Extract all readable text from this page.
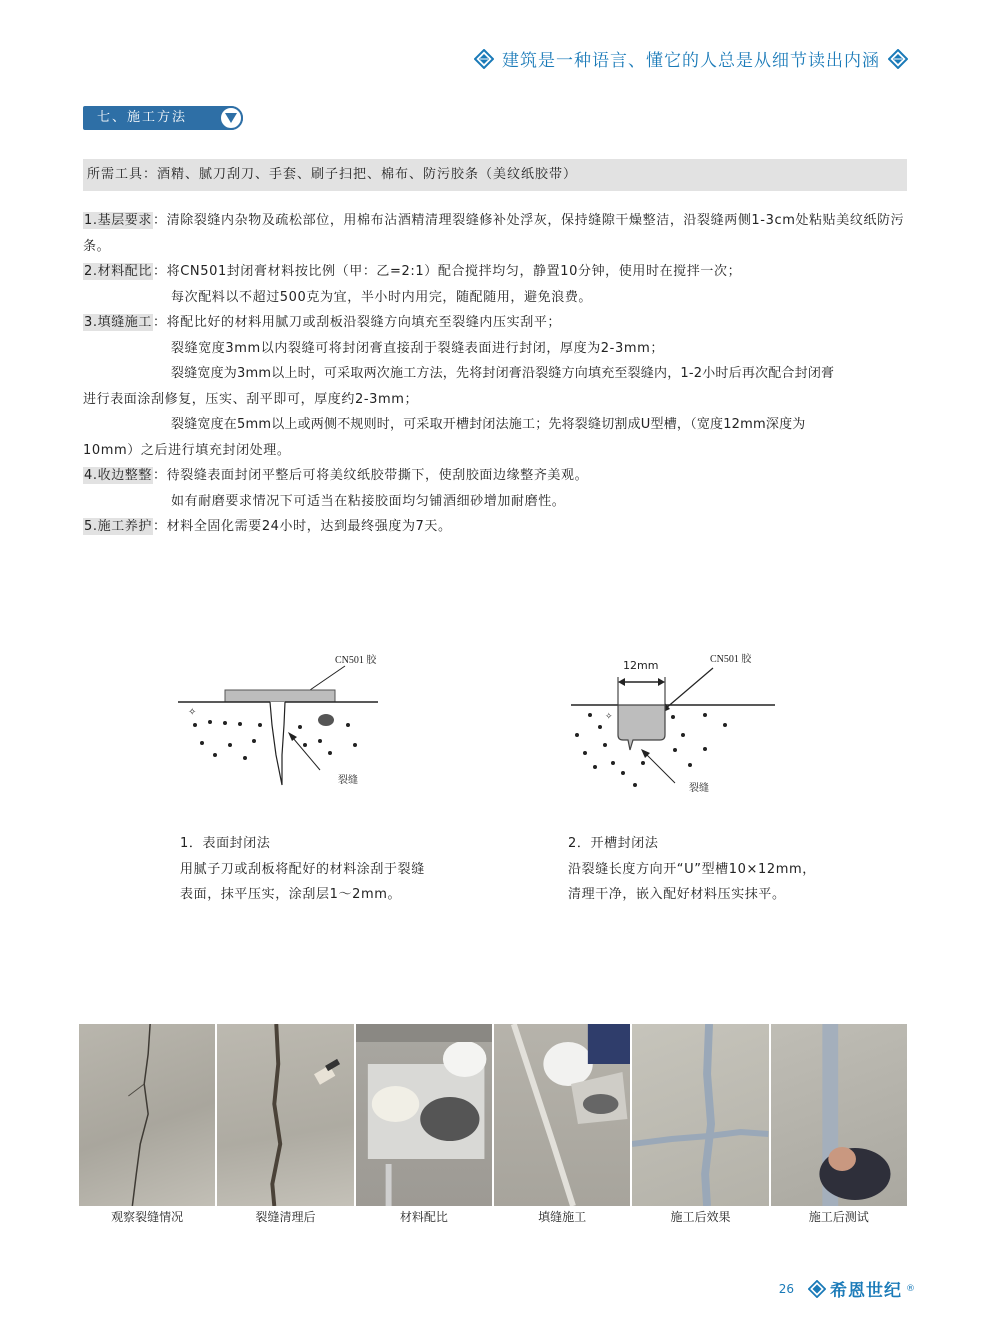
建筑是一种语言、懂它的人总是从细节读出内涵
七、施工方法
所需工具：酒精、腻刀刮刀、手套、刷子扫把、棉布、防污胶条（美纹纸胶带）

1.基层要求：清除裂缝内杂物及疏松部位，用棉布沾酒精清理裂缝修补处浮灰，保持缝隙干燥整洁，沿裂缝两侧1-3cm处粘贴美纹纸防污条。

2.材料配比：将CN501封闭膏材料按比例（甲：乙=2:1）配合搅拌均匀，静置10分钟，使用时在搅拌一次；

每次配料以不超过500克为宜，半小时内用完，随配随用，避免浪费。

3.填缝施工：将配比好的材料用腻刀或刮板沿裂缝方向填充至裂缝内压实刮平；

裂缝宽度3mm以内裂缝可将封闭膏直接刮于裂缝表面进行封闭，厚度为2-3mm；

裂缝宽度为3mm以上时，可采取两次施工方法，先将封闭膏沿裂缝方向填充至裂缝内，1-2小时后再次配合封闭膏

进行表面涂刮修复，压实、刮平即可，厚度约2-3mm；

裂缝宽度在5mm以上或两侧不规则时，可采取开槽封闭法施工；先将裂缝切割成U型槽，（宽度12mm深度为

10mm）之后进行填充封闭处理。

4.收边整整：待裂缝表面封闭平整后可将美纹纸胶带撕下，使刮胶面边缘整齐美观。

如有耐磨要求情况下可适当在粘接胶面均匀铺酒细砂增加耐磨性。

5.施工养护：材料全固化需要24小时，达到最终强度为7天。

CN501 胶
✧
裂缝
12mm	CN501 胶
✧
裂缝

1．表面封闭法

用腻子刀或刮板将配好的材料涂刮于裂缝

表面，抹平压实，涂刮层1～2mm。

2．开槽封闭法

沿裂缝长度方向开“U”型槽10×12mm，

清理干净，嵌入配好材料压实抹平。

观察裂缝情况	裂缝清理后	材料配比	填缝施工	施工后效果	施工后测试
26 希恩世纪 ®
